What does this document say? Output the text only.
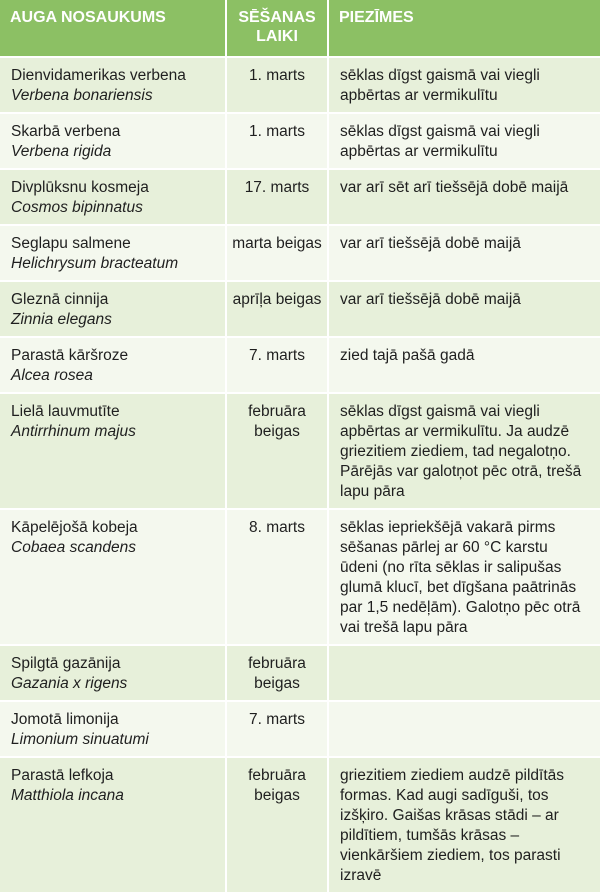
AUGA NOSAUKUMS	SĒŠANAS LAIKI	PIEZĪMES

Dienvidamerikas verbena
Verbena bonariensis	1. marts	sēklas dīgst gaismā vai viegli apbērtas ar vermikulītu

Skarbā verbena
Verbena rigida	1. marts	sēklas dīgst gaismā vai viegli apbērtas ar vermikulītu

Divplūksnu kosmeja
Cosmos bipinnatus	17. marts	var arī sēt arī tiešsējā dobē maijā

Seglapu salmene
Helichrysum bracteatum	marta beigas	var arī tiešsējā dobē maijā

Gleznā cinnija
Zinnia elegans	aprīļa beigas	var arī tiešsējā dobē maijā

Parastā kāršroze
Alcea rosea	7. marts	zied tajā pašā gadā

Lielā lauvmutīte
Antirrhinum majus	februāra beigas	sēklas dīgst gaismā vai viegli apbērtas ar vermikulītu. Ja audzē griezitiem ziediem, tad negalotņo. Pārējās var galotņot pēc otrā, trešā lapu pāra

Kāpelējošā kobeja
Cobaea scandens	8. marts	sēklas iepriekšējā vakarā pirms sēšanas pārlej ar 60 °C karstu ūdeni (no rīta sēklas ir salipušas glumā klucī, bet dīgšana paātrinās par 1,5 nedēļām). Galotņo pēc otrā vai trešā lapu pāra

Spilgtā gazānija
Gazania x rigens	februāra beigas	

Jomotā limonija
Limonium sinuatumi	7. marts	

Parastā lefkoja
Matthiola incana	februāra beigas	griezitiem ziediem audzē pildītās formas. Kad augi sadīguši, tos izšķiro. Gaišas krāsas stādi – ar pildītiem, tumšās krāsas – vienkāršiem ziediem, tos parasti izravē
